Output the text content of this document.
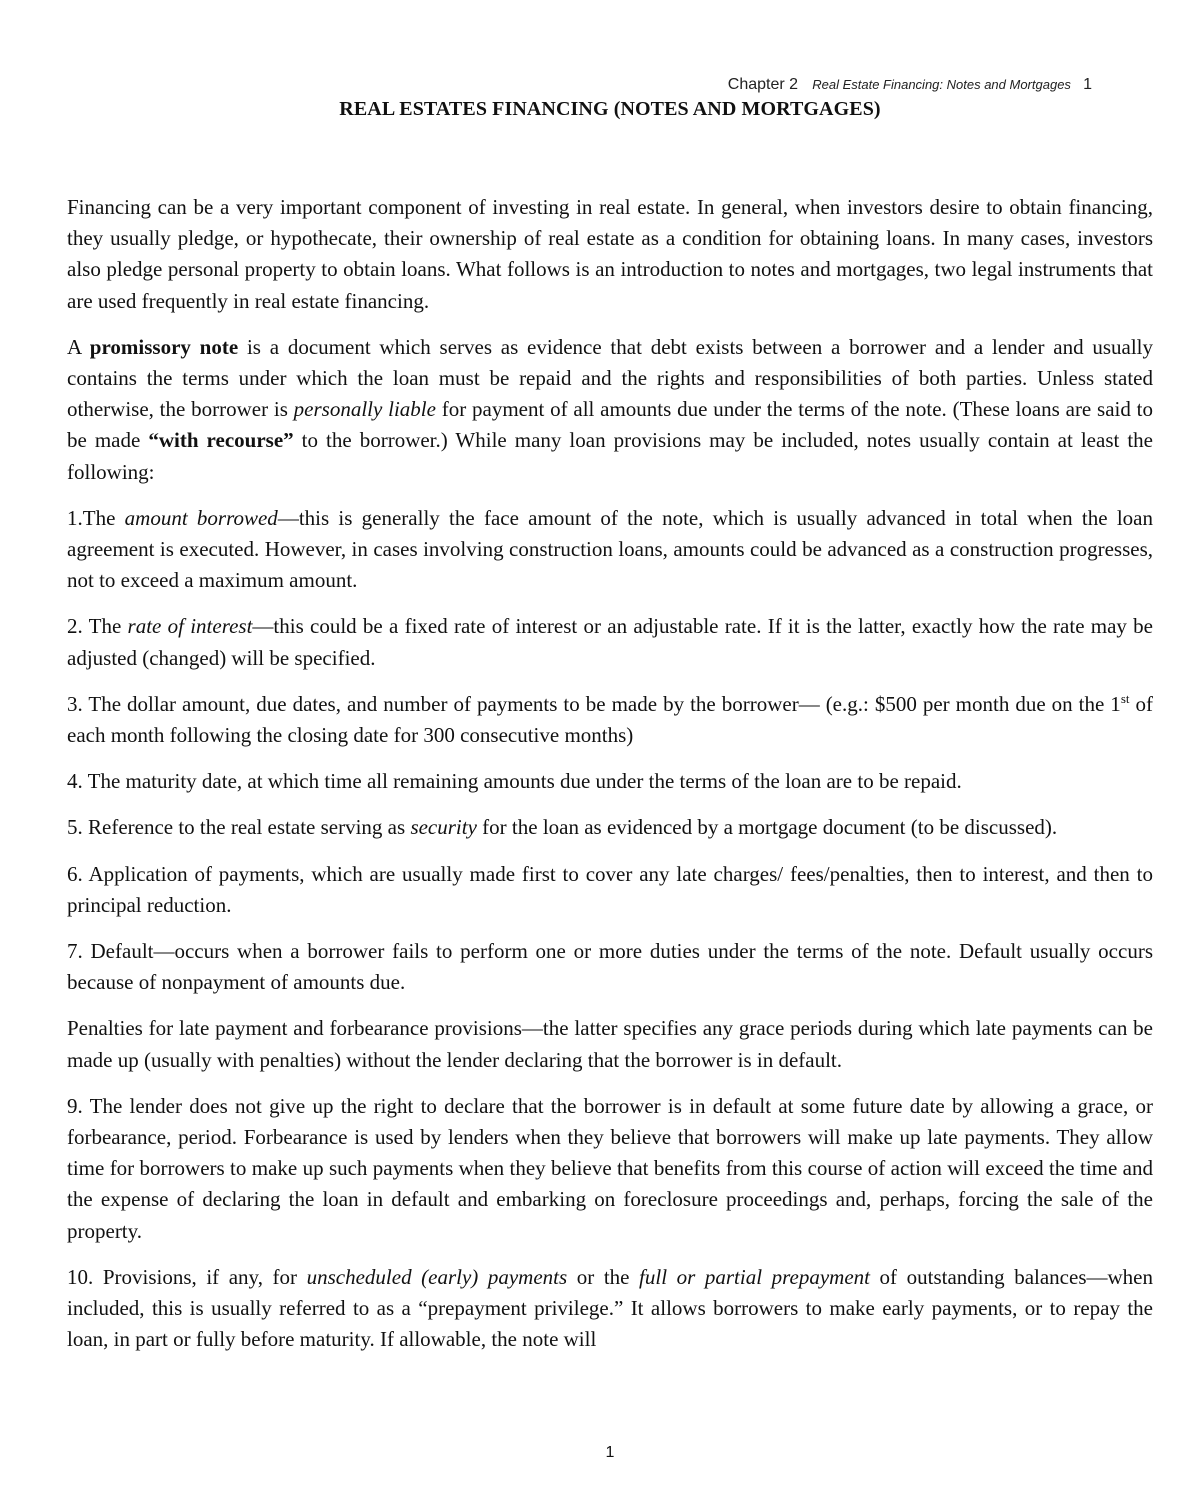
Chapter 2 Real Estate Financing: Notes and Mortgages 1
REAL ESTATES FINANCING (NOTES AND MORTGAGES)

Financing can be a very important component of investing in real estate. In general, when investors desire to obtain financing, they usually pledge, or hypothecate, their ownership of real estate as a condition for obtaining loans. In many cases, investors also pledge personal property to obtain loans. What follows is an introduction to notes and mortgages, two legal instruments that are used frequently in real estate financing.

A promissory note is a document which serves as evidence that debt exists between a borrower and a lender and usually contains the terms under which the loan must be repaid and the rights and responsibilities of both parties. Unless stated otherwise, the borrower is personally liable for payment of all amounts due under the terms of the note. (These loans are said to be made “with recourse” to the borrower.) While many loan provisions may be included, notes usually contain at least the following:

1.The amount borrowed—this is generally the face amount of the note, which is usually advanced in total when the loan agreement is executed. However, in cases involving construction loans, amounts could be advanced as a construction progresses, not to exceed a maximum amount.

2. The rate of interest—this could be a fixed rate of interest or an adjustable rate. If it is the latter, exactly how the rate may be adjusted (changed) will be specified.

3. The dollar amount, due dates, and number of payments to be made by the borrower— (e.g.: $500 per month due on the 1st of each month following the closing date for 300 consecutive months)

4. The maturity date, at which time all remaining amounts due under the terms of the loan are to be repaid.

5. Reference to the real estate serving as security for the loan as evidenced by a mortgage document (to be discussed).

6. Application of payments, which are usually made first to cover any late charges/ fees/penalties, then to interest, and then to principal reduction.

7. Default—occurs when a borrower fails to perform one or more duties under the terms of the note. Default usually occurs because of nonpayment of amounts due.

Penalties for late payment and forbearance provisions—the latter specifies any grace periods during which late payments can be made up (usually with penalties) without the lender declaring that the borrower is in default.

9. The lender does not give up the right to declare that the borrower is in default at some future date by allowing a grace, or forbearance, period. Forbearance is used by lenders when they believe that borrowers will make up late payments. They allow time for borrowers to make up such payments when they believe that benefits from this course of action will exceed the time and the expense of declaring the loan in default and embarking on foreclosure proceedings and, perhaps, forcing the sale of the property.

10. Provisions, if any, for unscheduled (early) payments or the full or partial prepayment of outstanding balances—when included, this is usually referred to as a “prepayment privilege.” It allows borrowers to make early payments, or to repay the loan, in part or fully before maturity. If allowable, the note will

1
